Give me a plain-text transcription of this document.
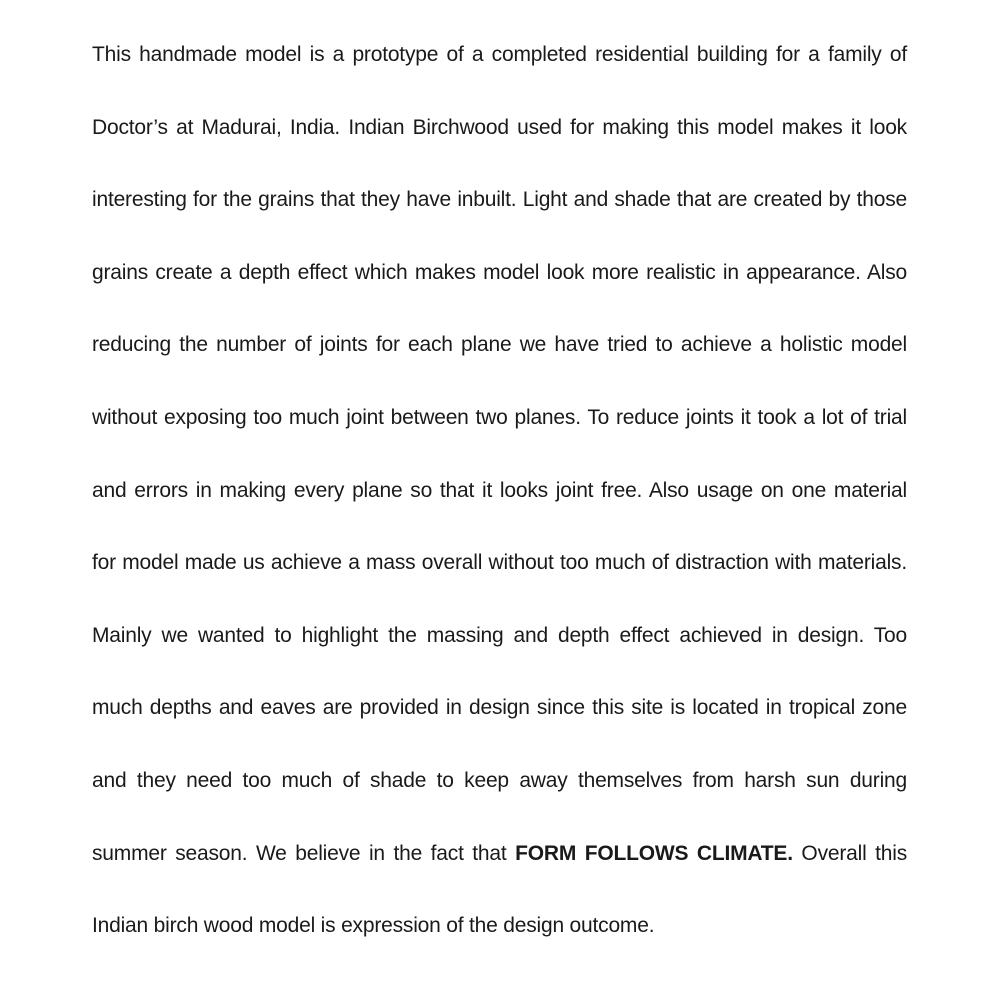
This handmade model is a prototype of a completed residential building for a family of
Doctor’s at Madurai, India. Indian Birchwood used for making this model makes it look
interesting for the grains that they have inbuilt. Light and shade that are created by those
grains create a depth effect which makes model look more realistic in appearance. Also
reducing the number of joints for each plane we have tried to achieve a holistic model
without exposing too much joint between two planes. To reduce joints it took a lot of trial
and errors in making every plane so that it looks joint free. Also usage on one material
for model made us achieve a mass overall without too much of distraction with materials.
Mainly we wanted to highlight the massing and depth effect achieved in design. Too
much depths and eaves are provided in design since this site is located in tropical zone
and they need too much of shade to keep away themselves from harsh sun during
summer season. We believe in the fact that FORM FOLLOWS CLIMATE. Overall this
Indian birch wood model is expression of the design outcome.
